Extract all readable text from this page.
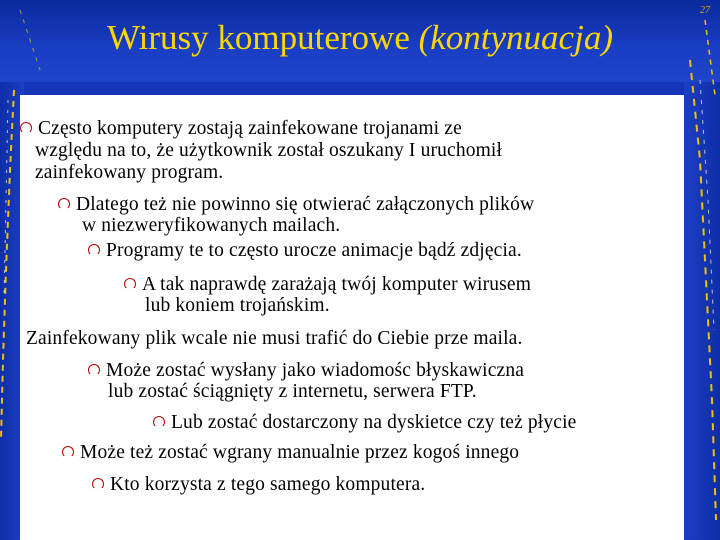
27
Wirusy komputerowe (kontynuacja)
Często komputery zostają zainfekowane trojanami ze
względu na to, że użytkownik został oszukany I uruchomił
zainfekowany program.
Dlatego też nie powinno się otwierać załączonych plików
w niezweryfikowanych mailach.
Programy te to często urocze animacje bądź zdjęcia.
A tak naprawdę zarażają twój komputer wirusem
lub koniem trojańskim.
Zainfekowany plik wcale nie musi trafić do Ciebie prze maila.
Może zostać wysłany jako wiadomośc błyskawiczna
lub zostać ściągnięty z internetu, serwera FTP.
Lub zostać dostarczony na dyskietce czy też płycie
Może też zostać wgrany manualnie przez kogoś innego
Kto korzysta z tego samego komputera.
